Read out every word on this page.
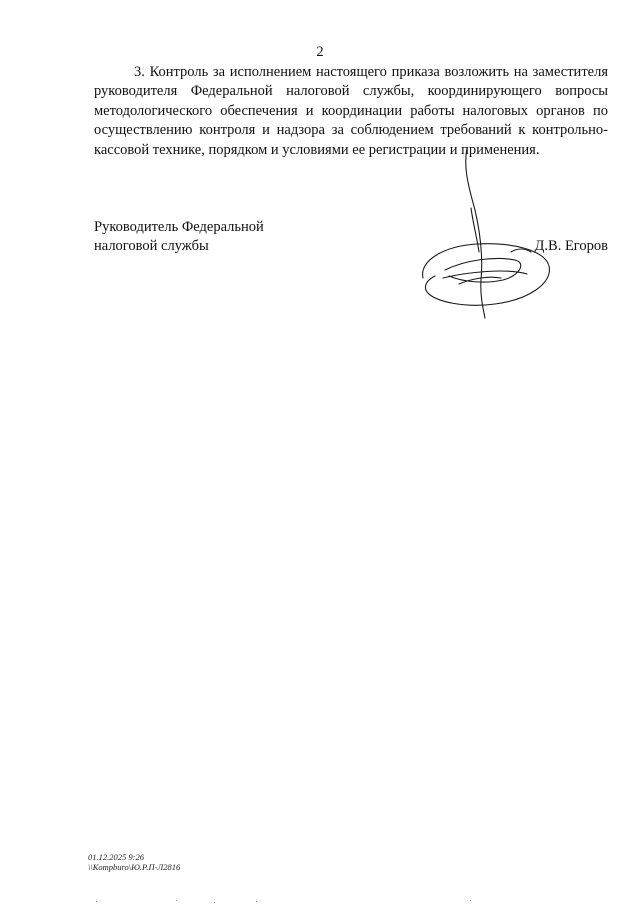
2

3. Контроль за исполнением настоящего приказа возложить на заместителя руководителя Федеральной налоговой службы, координирующего вопросы методологического обеспечения и координации работы налоговых органов по осуществлению контроля и надзора за соблюдением требований к контрольно-кассовой технике, порядком и условиями ее регистрации и применения.

Руководитель Федеральной
налоговой службы	Д.В. Егоров
01.12.2025 9:26
\\Kompburo\Ю.Р.П-Л2816
